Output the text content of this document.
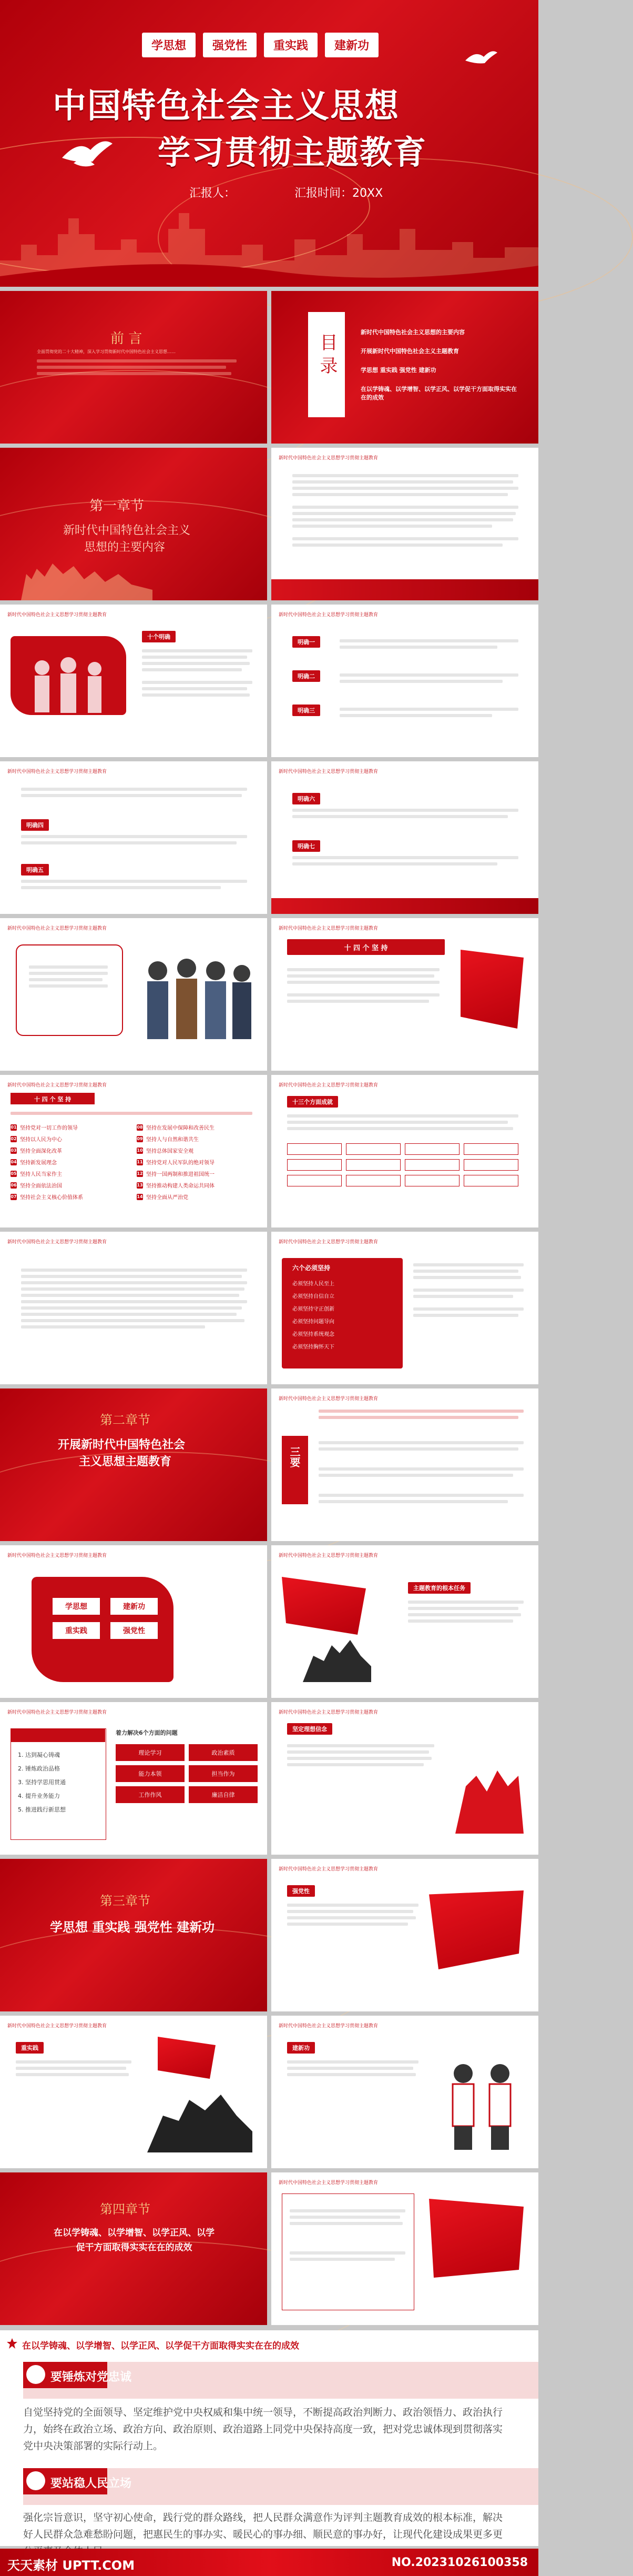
学思想	强党性	重实践	建新功
中国特色社会主义思想
学习贯彻主题教育
汇报人：	汇报时间：20XX
前 言
全面贯彻党的二十大精神，深入学习贯彻新时代中国特色社会主义思想……	目录
新时代中国特色社会主义思想的主要内容
开展新时代中国特色社会主义主题教育
学思想 重实践 强党性 建新功
在以学铸魂、以学增智、以学正风、以学促干方面取得实实在在的成效
第一章节
新时代中国特色社会主义
思想的主要内容
新时代中国特色社会主义思想学习贯彻主题教育
新时代中国特色社会主义思想学习贯彻主题教育
十个明确
新时代中国特色社会主义思想学习贯彻主题教育
明确一
明确二
明确三
新时代中国特色社会主义思想学习贯彻主题教育
明确四
明确五
新时代中国特色社会主义思想学习贯彻主题教育
明确六
明确七
新时代中国特色社会主义思想学习贯彻主题教育	新时代中国特色社会主义思想学习贯彻主题教育
十 四 个 坚 持
新时代中国特色社会主义思想学习贯彻主题教育
十 四 个 坚 持
01 坚持党对一切工作的领导
02 坚持以人民为中心
03 坚持全面深化改革
04 坚持新发展理念
05 坚持人民当家作主
06 坚持全面依法治国
07 坚持社会主义核心价值体系
08 坚持在发展中保障和改善民生
09 坚持人与自然和谐共生
10 坚持总体国家安全观
11 坚持党对人民军队的绝对领导
12 坚持一国两制和推进祖国统一
13 坚持推动构建人类命运共同体
14 坚持全面从严治党
新时代中国特色社会主义思想学习贯彻主题教育
十三个方面成就
新时代中国特色社会主义思想学习贯彻主题教育	新时代中国特色社会主义思想学习贯彻主题教育
六个必须坚持
必须坚持人民至上
必须坚持自信自立
必须坚持守正创新
必须坚持问题导向
必须坚持系统观念
必须坚持胸怀天下
第二章节
开展新时代中国特色社会
主义思想主题教育
新时代中国特色社会主义思想学习贯彻主题教育
三要
新时代中国特色社会主义思想学习贯彻主题教育
学思想	建新功
重实践	强党性
新时代中国特色社会主义思想学习贯彻主题教育
主题教育的根本任务
新时代中国特色社会主义思想学习贯彻主题教育
1. 达到凝心铸魂
2. 锤炼政治品格
3. 坚持学思用贯通
4. 提升业务能力
5. 推进践行新思想
着力解决6个方面的问题
理论学习	政治素质
能力本领	担当作为
工作作风	廉洁自律
新时代中国特色社会主义思想学习贯彻主题教育
坚定理想信念
第三章节
学思想 重实践 强党性 建新功
新时代中国特色社会主义思想学习贯彻主题教育
强党性
新时代中国特色社会主义思想学习贯彻主题教育
重实践
新时代中国特色社会主义思想学习贯彻主题教育
建新功
第四章节
在以学铸魂、以学增智、以学正风、以学
促干方面取得实实在在的成效
新时代中国特色社会主义思想学习贯彻主题教育
在以学铸魂、以学增智、以学正风、以学促干方面取得实实在在的成效
要锤炼对党忠诚
自觉坚持党的全面领导、坚定维护党中央权威和集中统一领导，不断提高政治判断力、政治领悟力、政治执行力，始终在政治立场、政治方向、政治原则、政治道路上同党中央保持高度一致，把对党忠诚体现到贯彻落实党中央决策部署的实际行动上。
要站稳人民立场
强化宗旨意识，坚守初心使命，践行党的群众路线，把人民群众满意作为评判主题教育成效的根本标准，解决好人民群众急难愁盼问题，把惠民生的事办实、暖民心的事办细、顺民意的事办好，让现代化建设成果更多更
天天素材 UPTT.COM	NO.20231026100358
